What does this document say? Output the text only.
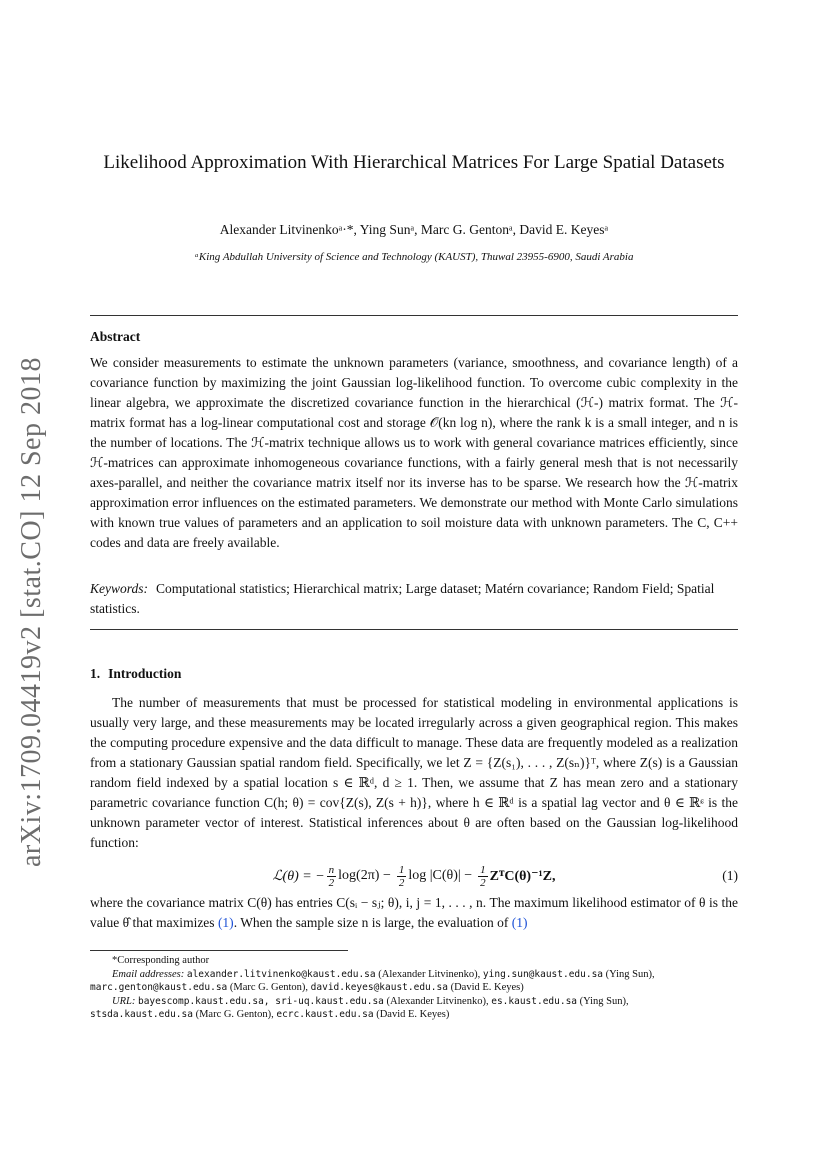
arXiv:1709.04419v2 [stat.CO] 12 Sep 2018
Likelihood Approximation With Hierarchical Matrices For Large Spatial Datasets
Alexander Litvinenkoᵃ·*, Ying Sunᵃ, Marc G. Gentonᵃ, David E. Keyesᵃ
ᵃKing Abdullah University of Science and Technology (KAUST), Thuwal 23955-6900, Saudi Arabia
Abstract
We consider measurements to estimate the unknown parameters (variance, smoothness, and covariance length) of a covariance function by maximizing the joint Gaussian log-likelihood function. To overcome cubic complexity in the linear algebra, we approximate the discretized covariance function in the hierarchical (ℋ-) matrix format. The ℋ-matrix format has a log-linear computational cost and storage 𝒪(kn log n), where the rank k is a small integer, and n is the number of locations. The ℋ-matrix technique allows us to work with general covariance matrices efficiently, since ℋ-matrices can approximate inhomogeneous covariance functions, with a fairly general mesh that is not necessarily axes-parallel, and neither the covariance matrix itself nor its inverse has to be sparse. We research how the ℋ-matrix approximation error influences on the estimated parameters. We demonstrate our method with Monte Carlo simulations with known true values of parameters and an application to soil moisture data with unknown parameters. The C, C++ codes and data are freely available.
Keywords: Computational statistics; Hierarchical matrix; Large dataset; Matérn covariance; Random Field; Spatial statistics.
1. Introduction
The number of measurements that must be processed for statistical modeling in environmental applications is usually very large, and these measurements may be located irregularly across a given geographical region. This makes the computing procedure expensive and the data difficult to manage. These data are frequently modeled as a realization from a stationary Gaussian spatial random field. Specifically, we let Z = {Z(s₁), . . . , Z(sₙ)}ᵀ, where Z(s) is a Gaussian random field indexed by a spatial location s ∈ ℝᵈ, d ≥ 1. Then, we assume that Z has mean zero and a stationary parametric covariance function C(h; θ) = cov{Z(s), Z(s + h)}, where h ∈ ℝᵈ is a spatial lag vector and θ ∈ ℝᶝ is the unknown parameter vector of interest. Statistical inferences about θ are often based on the Gaussian log-likelihood function:
ℒ(θ) = − $\frac{n}{2} \log(2\pi) - \frac{1}{2}$ $\log |C(\theta)| - \frac{1}{2}$ ZᵀC(θ)⁻¹Z,	(1)
where the covariance matrix C(θ) has entries C(sᵢ − sⱼ; θ), i, j = 1, . . . , n. The maximum likelihood estimator of θ is the value θ̂ that maximizes (1). When the sample size n is large, the evaluation of (1)

*Corresponding author

Email addresses: alexander.litvinenko@kaust.edu.sa (Alexander Litvinenko), ying.sun@kaust.edu.sa (Ying Sun),

marc.genton@kaust.edu.sa (Marc G. Genton), david.keyes@kaust.edu.sa (David E. Keyes)

URL: bayescomp.kaust.edu.sa, sri-uq.kaust.edu.sa (Alexander Litvinenko), es.kaust.edu.sa (Ying Sun),

stsda.kaust.edu.sa (Marc G. Genton), ecrc.kaust.edu.sa (David E. Keyes)
